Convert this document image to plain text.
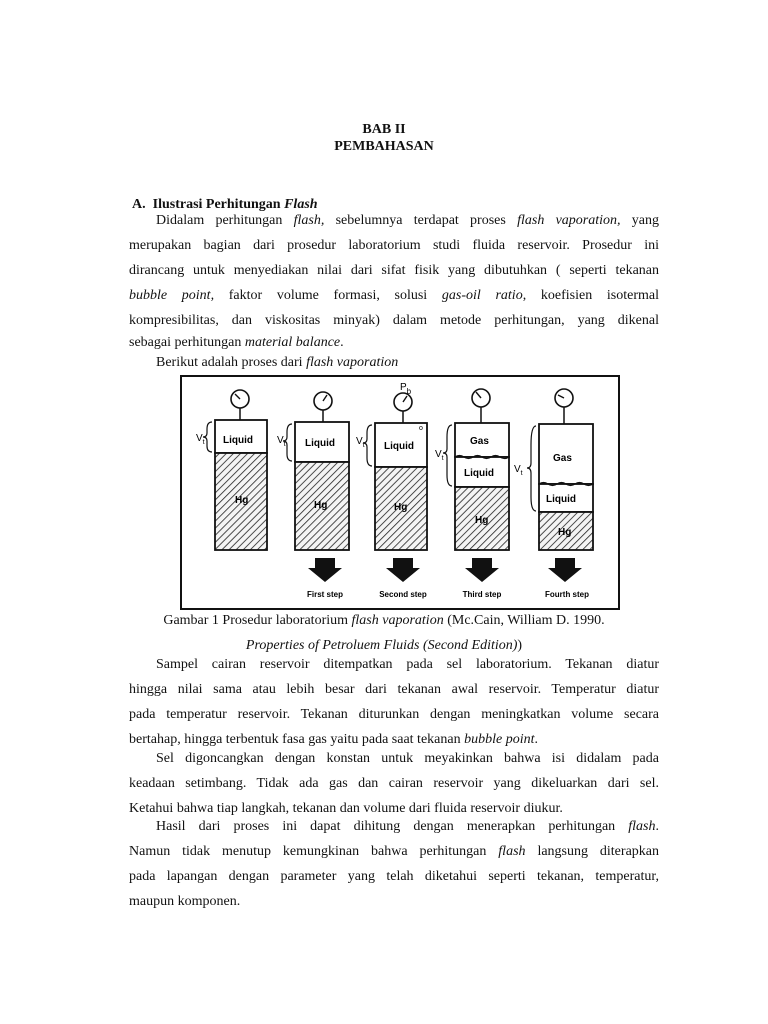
BAB II
PEMBAHASAN
A. Ilustrasi Perhitungan Flash
Didalam perhitungan flash, sebelumnya terdapat proses flash vaporation, yang
merupakan bagian dari prosedur laboratorium studi fluida reservoir. Prosedur ini
dirancang untuk menyediakan nilai dari sifat fisik yang dibutuhkan ( seperti tekanan
bubble point, faktor volume formasi, solusi gas-oil ratio, koefisien isotermal
kompresibilitas, dan viskositas minyak) dalam metode perhitungan, yang dikenal
sebagai perhitungan material balance.
Berikut adalah proses dari flash vaporation
Liquid
Hg
$V_t$	Liquid
Hg
$V_t$
First step
$P_b$
Liquid
o
Hg
$V_t$
Second step
Gas
Liquid
Hg
$V_t$
Third step
Gas
Liquid
Hg
$V_t$
Fourth step
Gambar 1 Prosedur laboratorium flash vaporation (Mc.Cain, William D. 1990.
Properties of Petroluem Fluids (Second Edition))
Sampel cairan reservoir ditempatkan pada sel laboratorium. Tekanan diatur
hingga nilai sama atau lebih besar dari tekanan awal reservoir. Temperatur diatur
pada temperatur reservoir. Tekanan diturunkan dengan meningkatkan volume secara
bertahap, hingga terbentuk fasa gas yaitu pada saat tekanan bubble point.
Sel digoncangkan dengan konstan untuk meyakinkan bahwa isi didalam pada
keadaan setimbang. Tidak ada gas dan cairan reservoir yang dikeluarkan dari sel.
Ketahui bahwa tiap langkah, tekanan dan volume dari fluida reservoir diukur.
Hasil dari proses ini dapat dihitung dengan menerapkan perhitungan flash.
Namun tidak menutup kemungkinan bahwa perhitungan flash langsung diterapkan
pada lapangan dengan parameter yang telah diketahui seperti tekanan, temperatur,
maupun komponen.
